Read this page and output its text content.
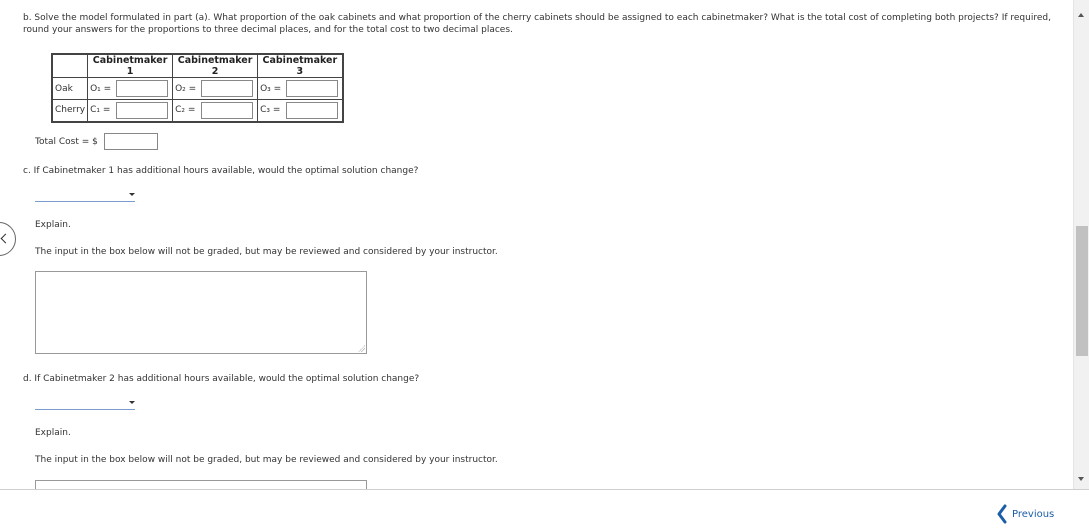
b. Solve the model formulated in part (a). What proportion of the oak cabinets and what proportion of the cherry cabinets should be assigned to each cabinetmaker? What is the total cost of completing both projects? If required, round your answers for the proportions to three decimal places, and for the total cost to two decimal places.
	Cabinetmaker 1	Cabinetmaker 2	Cabinetmaker 3
Oak	O₁ =	O₂ =	O₃ =

Cherry	C₁ =	C₂ =	C₃ =
Total Cost = $
c. If Cabinetmaker 1 has additional hours available, would the optimal solution change?
Explain.
The input in the box below will not be graded, but may be reviewed and considered by your instructor.
d. If Cabinetmaker 2 has additional hours available, would the optimal solution change?
Explain.
The input in the box below will not be graded, but may be reviewed and considered by your instructor.
Previous
